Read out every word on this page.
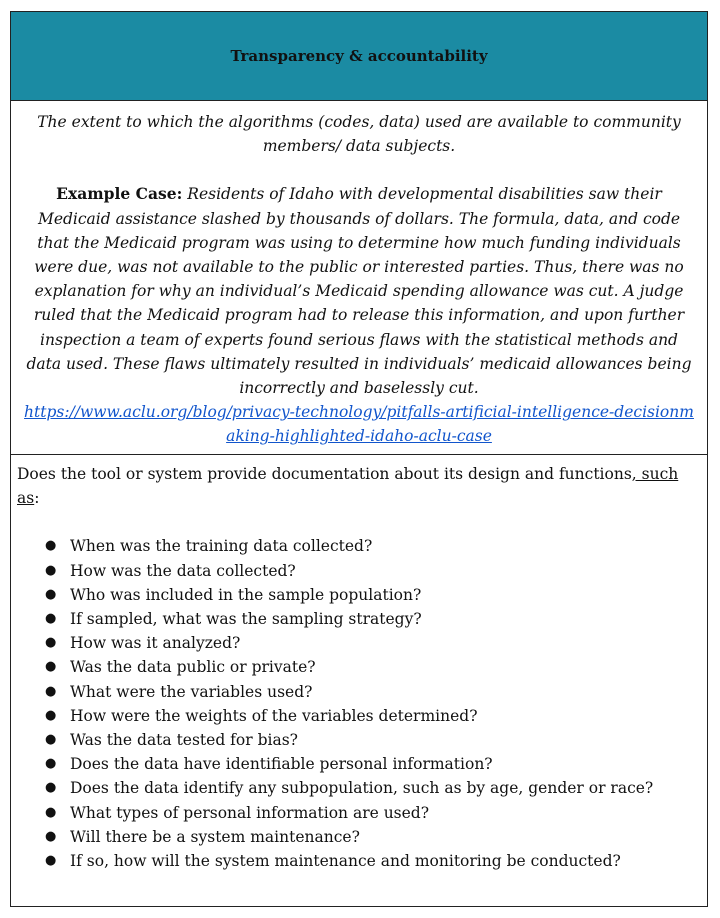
Transparency & accountability

The extent to which the algorithms (codes, data) used are available to community members/ data subjects.

Example Case: Residents of Idaho with developmental disabilities saw their Medicaid assistance slashed by thousands of dollars. The formula, data, and code that the Medicaid program was using to determine how much funding individuals were due, was not available to the public or interested parties. Thus, there was no explanation for why an individual’s Medicaid spending allowance was cut. A judge ruled that the Medicaid program had to release this information, and upon further inspection a team of experts found serious flaws with the statistical methods and data used. These flaws ultimately resulted in individuals’ medicaid allowances being incorrectly and baselessly cut.

https://www.aclu.org/blog/privacy-technology/pitfalls-artificial-intelligence-decisionmaking-highlighted-idaho-aclu-case

Does the tool or system provide documentation about its design and functions, such as:

● When was the training data collected?
● How was the data collected?
● Who was included in the sample population?
● If sampled, what was the sampling strategy?
● How was it analyzed?
● Was the data public or private?
● What were the variables used?
● How were the weights of the variables determined?
● Was the data tested for bias?
● Does the data have identifiable personal information?
● Does the data identify any subpopulation, such as by age, gender or race?
● What types of personal information are used?
● Will there be a system maintenance?
● If so, how will the system maintenance and monitoring be conducted?
